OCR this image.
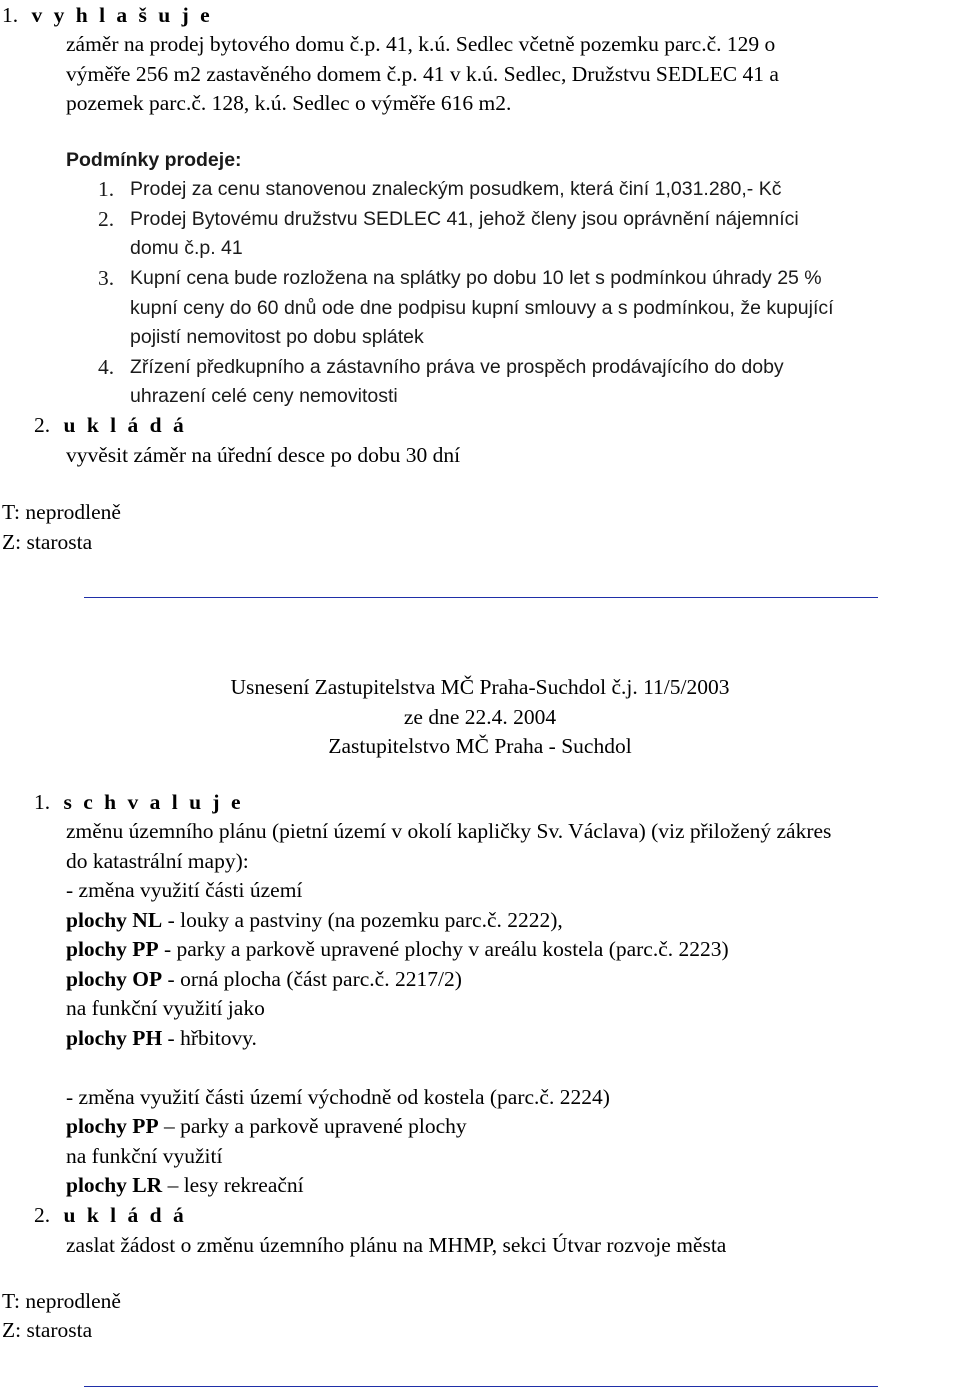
1. v y h l a š u j e
záměr na prodej bytového domu č.p. 41, k.ú. Sedlec včetně pozemku parc.č. 129 o
výměře 256 m2 zastavěného domem č.p. 41 v k.ú. Sedlec, Družstvu SEDLEC 41 a
pozemek parc.č. 128, k.ú. Sedlec o výměře 616 m2.
Podmínky prodeje:
1. Prodej za cenu stanovenou znaleckým posudkem, která činí 1,031.280,- Kč
2. Prodej Bytovému družstvu SEDLEC 41, jehož členy jsou oprávnění nájemníci
domu č.p. 41
3. Kupní cena bude rozložena na splátky po dobu 10 let s podmínkou úhrady 25 %
kupní ceny do 60 dnů ode dne podpisu kupní smlouvy a s podmínkou, že kupující
pojistí nemovitost po dobu splátek
4. Zřízení předkupního a zástavního práva ve prospěch prodávajícího do doby
uhrazení celé ceny nemovitosti
2. u k l á d á
vyvěsit záměr na úřední desce po dobu 30 dní
T: neprodleně
Z: starosta
Usnesení Zastupitelstva MČ Praha-Suchdol č.j. 11/5/2003
ze dne 22.4. 2004
Zastupitelstvo MČ Praha - Suchdol
1. s c h v a l u j e
změnu územního plánu (pietní území v okolí kapličky Sv. Václava) (viz přiložený zákres
do katastrální mapy):
- změna využití části území
plochy NL - louky a pastviny (na pozemku parc.č. 2222),
plochy PP - parky a parkově upravené plochy v areálu kostela (parc.č. 2223)
plochy OP - orná plocha (část parc.č. 2217/2)
na funkční využití jako
plochy PH - hřbitovy.
- změna využití části území východně od kostela (parc.č. 2224)
plochy PP – parky a parkově upravené plochy
na funkční využití
plochy LR – lesy rekreační
2. u k l á d á
zaslat žádost o změnu územního plánu na MHMP, sekci Útvar rozvoje města
T: neprodleně
Z: starosta
